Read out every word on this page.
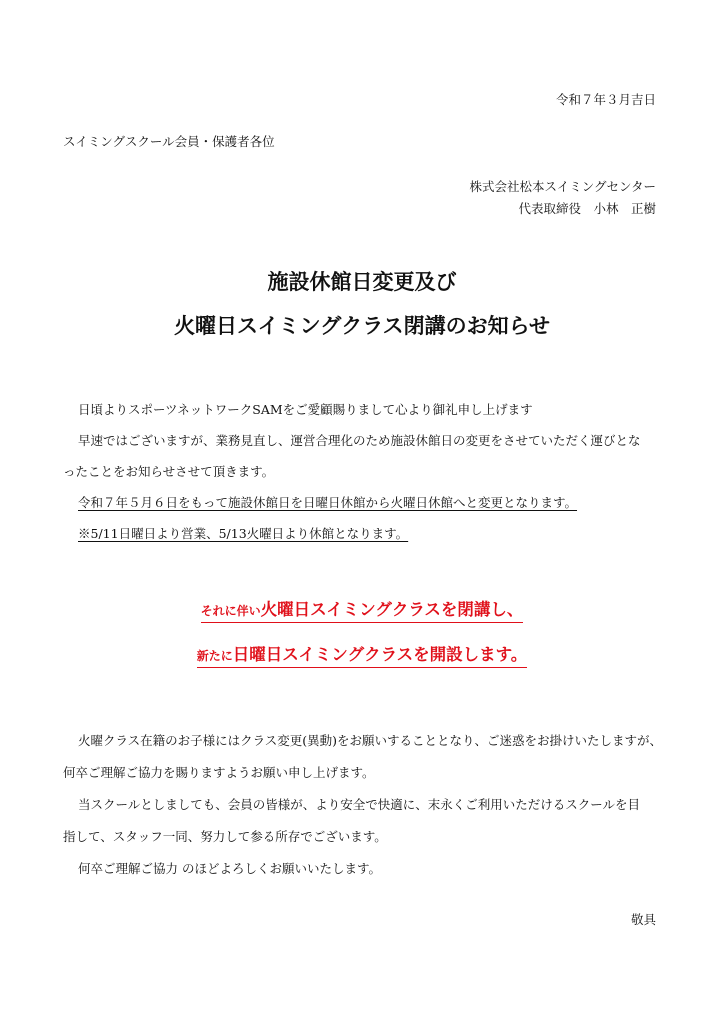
令和７年３月吉日
スイミングスクール会員・保護者各位
株式会社松本スイミングセンター
代表取締役　小林　正樹
施設休館日変更及び
火曜日スイミングクラス閉講のお知らせ
日頃よりスポーツネットワークSAMをご愛顧賜りまして心より御礼申し上げます
早速ではございますが、業務見直し、運営合理化のため施設休館日の変更をさせていただく運びとな
ったことをお知らせさせて頂きます。
令和７年５月６日をもって施設休館日を日曜日休館から火曜日休館へと変更となります。
※5/11日曜日より営業、5/13火曜日より休館となります。
それに伴い火曜日スイミングクラスを閉講し、
新たに日曜日スイミングクラスを開設します。
火曜クラス在籍のお子様にはクラス変更(異動)をお願いすることとなり、ご迷惑をお掛けいたしますが、
何卒ご理解ご協力を賜りますようお願い申し上げます。
当スクールとしましても、会員の皆様が、より安全で快適に、末永くご利用いただけるスクールを目
指して、スタッフ一同、努力して参る所存でございます。
何卒ご理解ご協力 のほどよろしくお願いいたします。
敬具
